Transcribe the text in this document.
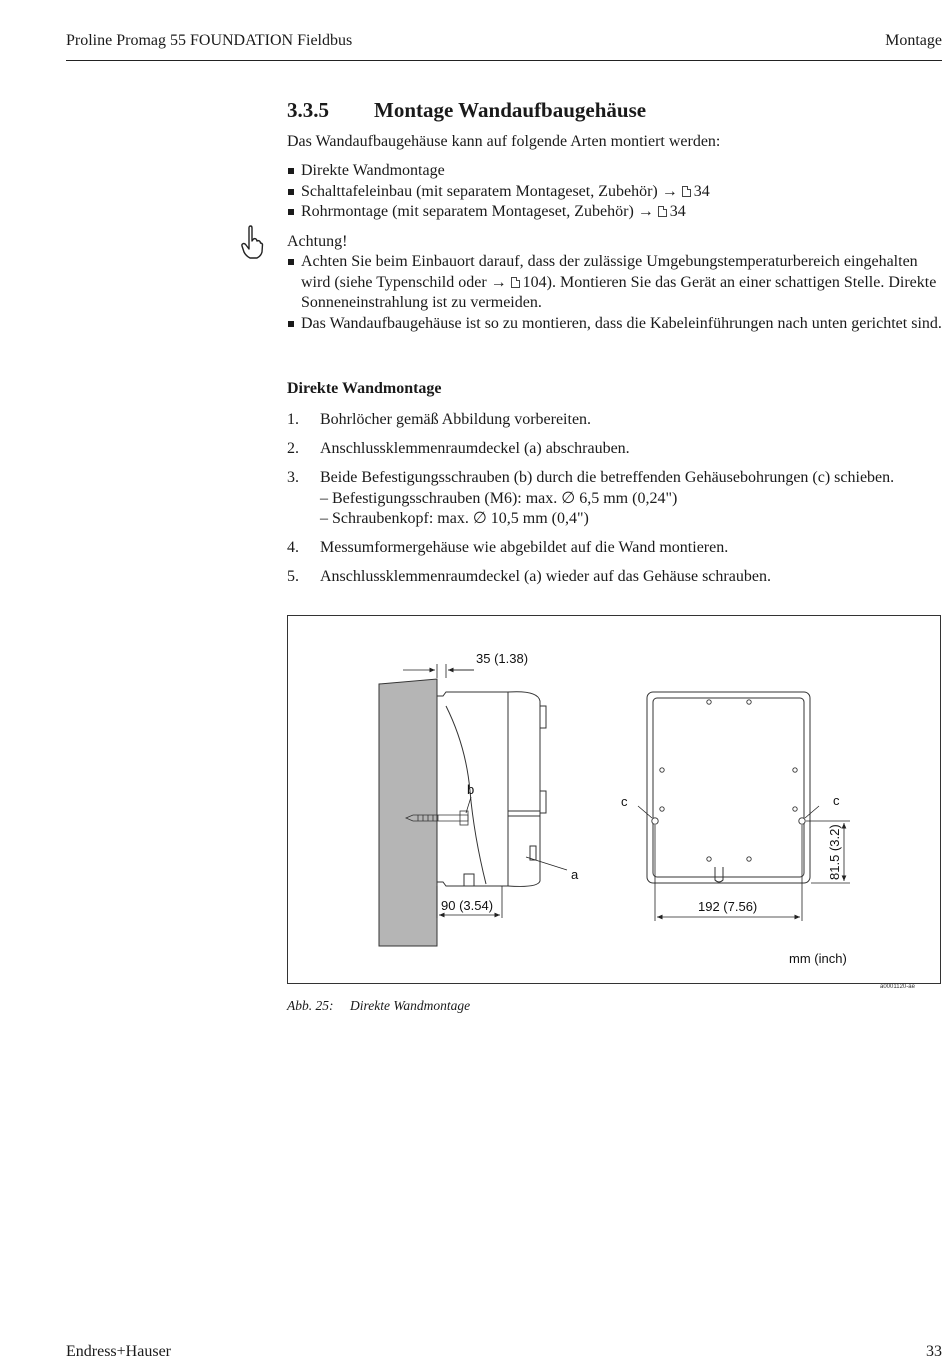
Proline Promag 55 FOUNDATION Fieldbus	Montage
3.3.5 Montage Wandaufbaugehäuse
Das Wandaufbaugehäuse kann auf folgende Arten montiert werden:
Direkte Wandmontage
Schalttafeleinbau (mit separatem Montageset, Zubehör) → 34
Rohrmontage (mit separatem Montageset, Zubehör) → 34
Achtung!
Achten Sie beim Einbauort darauf, dass der zulässige Umgebungstemperaturbereich eingehalten wird (siehe Typenschild oder → 104). Montieren Sie das Gerät an einer schattigen Stelle. Direkte Sonneneinstrahlung ist zu vermeiden.
Das Wandaufbaugehäuse ist so zu montieren, dass die Kabeleinführungen nach unten gerichtet sind.
Direkte Wandmontage
1. Bohrlöcher gemäß Abbildung vorbereiten.
2. Anschlussklemmenraumdeckel (a) abschrauben.
3. Beide Befestigungsschrauben (b) durch die betreffenden Gehäusebohrungen (c) schieben.
– Befestigungsschrauben (M6): max. ∅ 6,5 mm (0,24")
– Schraubenkopf: max. ∅ 10,5 mm (0,4")
4. Messumformergehäuse wie abgebildet auf die Wand montieren.
5. Anschlussklemmenraumdeckel (a) wieder auf das Gehäuse schrauben.
35 (1.38)
90 (3.54)
b
a
c	c
192 (7.56)
81.5 (3.2)
mm (inch)
a0001120-ae
Abb. 25: Direkte Wandmontage
Endress+Hauser	33
